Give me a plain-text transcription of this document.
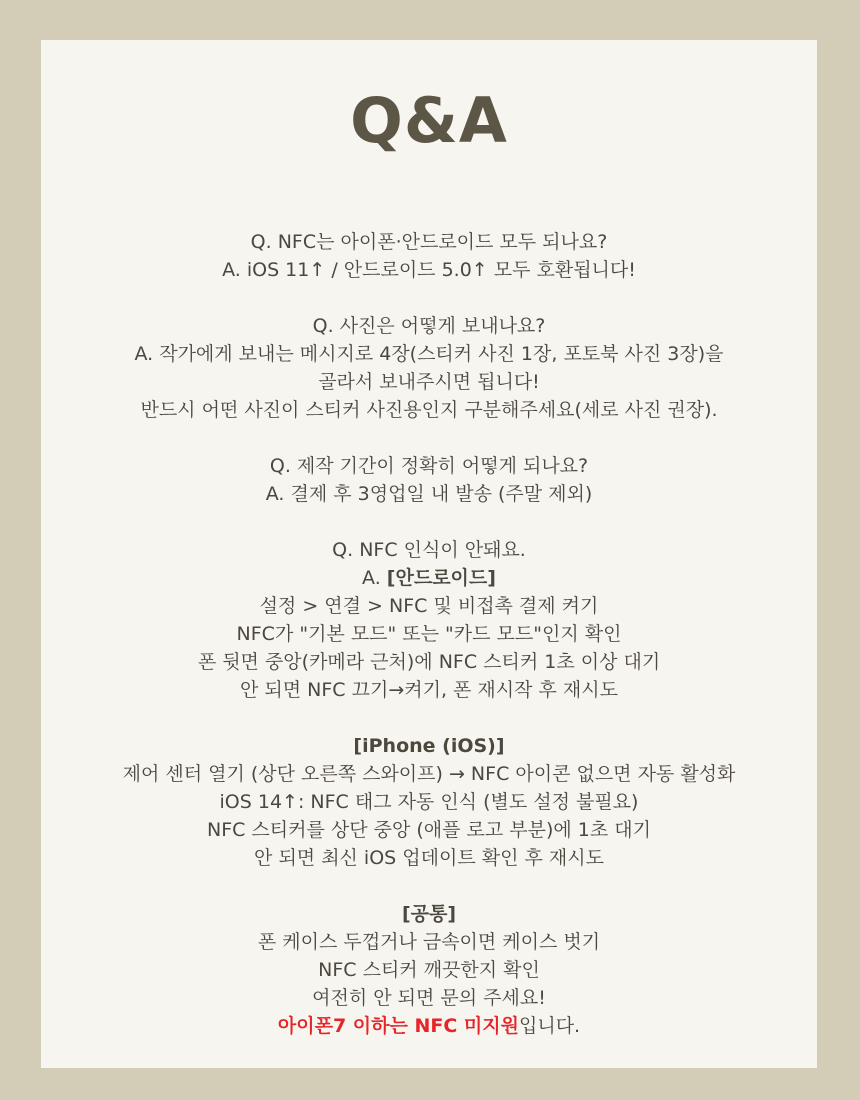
Q&A
Q. NFC는 아이폰·안드로이드 모두 되나요?
A. iOS 11↑ / 안드로이드 5.0↑ 모두 호환됩니다!
Q. 사진은 어떻게 보내나요?
A. 작가에게 보내는 메시지로 4장(스티커 사진 1장, 포토북 사진 3장)을
골라서 보내주시면 됩니다!
반드시 어떤 사진이 스티커 사진용인지 구분해주세요(세로 사진 권장).
Q. 제작 기간이 정확히 어떻게 되나요?
A. 결제 후 3영업일 내 발송 (주말 제외)
Q. NFC 인식이 안돼요.
A. [안드로이드]
설정 > 연결 > NFC 및 비접촉 결제 켜기
NFC가 "기본 모드" 또는 "카드 모드"인지 확인
폰 뒷면 중앙(카메라 근처)에 NFC 스티커 1초 이상 대기
안 되면 NFC 끄기→켜기, 폰 재시작 후 재시도
[iPhone (iOS)]
제어 센터 열기 (상단 오른쪽 스와이프) → NFC 아이콘 없으면 자동 활성화
iOS 14↑: NFC 태그 자동 인식 (별도 설정 불필요)
NFC 스티커를 상단 중앙 (애플 로고 부분)에 1초 대기
안 되면 최신 iOS 업데이트 확인 후 재시도
[공통]
폰 케이스 두껍거나 금속이면 케이스 벗기
NFC 스티커 깨끗한지 확인
여전히 안 되면 문의 주세요!
아이폰7 이하는 NFC 미지원입니다.
